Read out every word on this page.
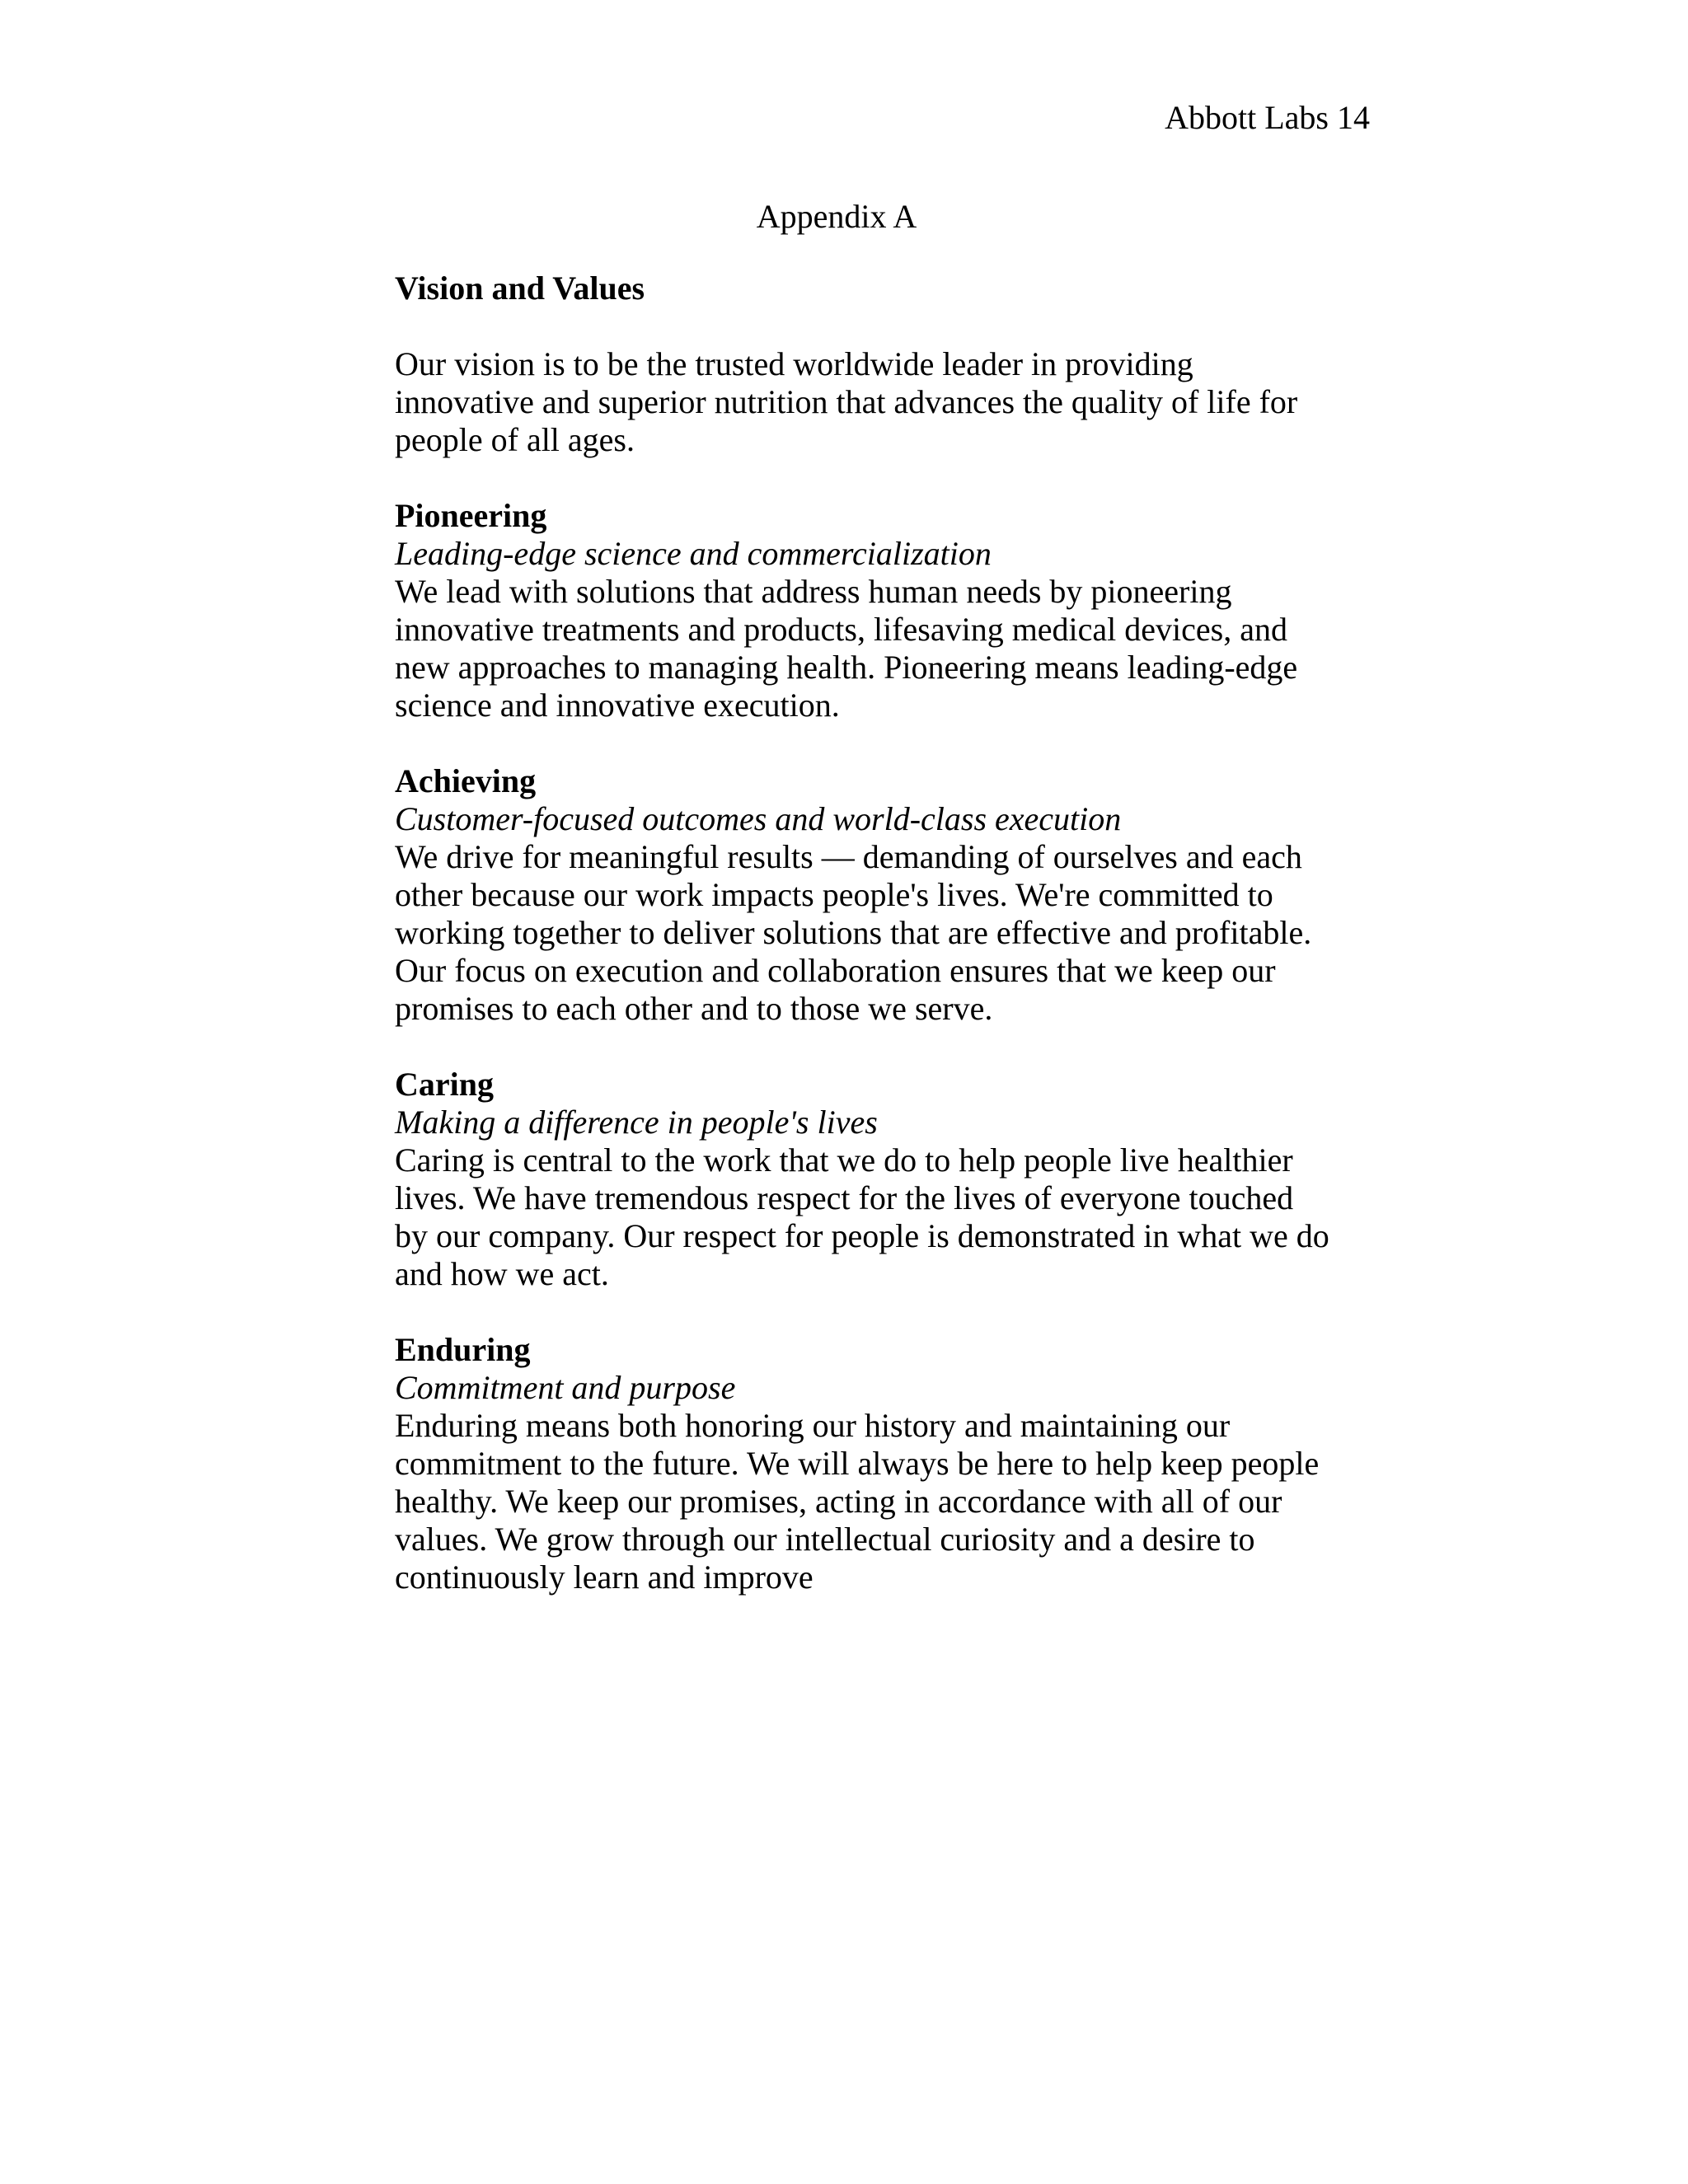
Abbott Labs 14
Appendix A
Vision and Values

Our vision is to be the trusted worldwide leader in providing innovative and superior nutrition that advances the quality of life for people of all ages.

Pioneering
Leading-edge science and commercialization

We lead with solutions that address human needs by pioneering innovative treatments and products, lifesaving medical devices, and new approaches to managing health. Pioneering means leading-edge science and innovative execution.

Achieving
Customer-focused outcomes and world-class execution

We drive for meaningful results — demanding of ourselves and each other because our work impacts people's lives. We're committed to working together to deliver solutions that are effective and profitable. Our focus on execution and collaboration ensures that we keep our promises to each other and to those we serve.

Caring
Making a difference in people's lives

Caring is central to the work that we do to help people live healthier lives. We have tremendous respect for the lives of everyone touched by our company. Our respect for people is demonstrated in what we do and how we act.

Enduring
Commitment and purpose

Enduring means both honoring our history and maintaining our commitment to the future. We will always be here to help keep people healthy. We keep our promises, acting in accordance with all of our values. We grow through our intellectual curiosity and a desire to continuously learn and improve
